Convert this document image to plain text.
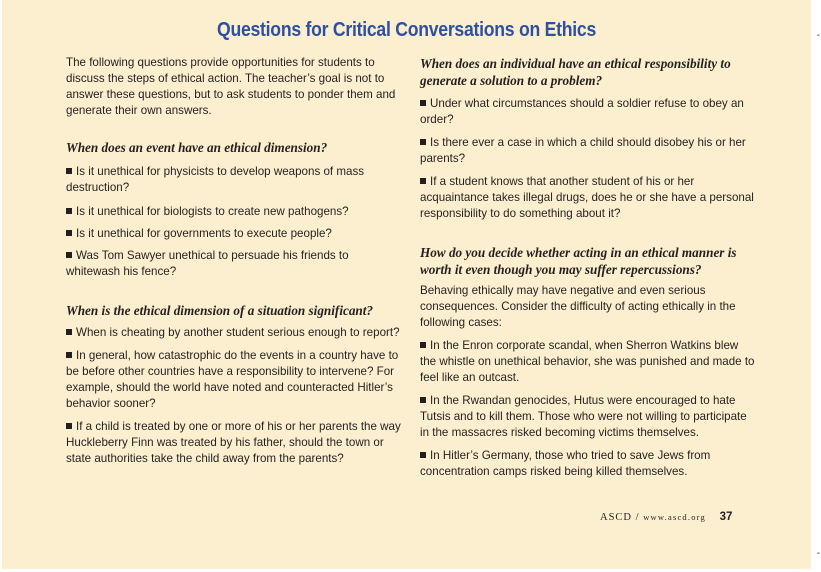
Questions for Critical Conversations on Ethics

The following questions provide opportunities for students to discuss the steps of ethical action. The teacher’s goal is not to answer these questions, but to ask students to ponder them and generate their own answers.

When does an event have an ethical dimension?

Is it unethical for physicists to develop weapons of mass destruction?

Is it unethical for biologists to create new pathogens?

Is it unethical for governments to execute people?

Was Tom Sawyer unethical to persuade his friends to whitewash his fence?

When is the ethical dimension of a situation significant?

When is cheating by another student serious enough to report?

In general, how catastrophic do the events in a country have to be before other countries have a responsibility to intervene? For example, should the world have noted and counteracted Hitler’s behavior sooner?

If a child is treated by one or more of his or her parents the way Huckleberry Finn was treated by his father, should the town or state authorities take the child away from the parents?

When does an individual have an ethical responsibility to generate a solution to a problem?

Under what circumstances should a soldier refuse to obey an order?

Is there ever a case in which a child should disobey his or her parents?

If a student knows that another student of his or her acquaintance takes illegal drugs, does he or she have a personal responsibility to do something about it?

How do you decide whether acting in an ethical manner is worth it even though you may suffer repercussions?

Behaving ethically may have negative and even serious consequences. Consider the difficulty of acting ethically in the following cases:

In the Enron corporate scandal, when Sherron Watkins blew the whistle on unethical behavior, she was punished and made to feel like an outcast.

In the Rwandan genocides, Hutus were encouraged to hate Tutsis and to kill them. Those who were not willing to participate in the massacres risked becoming victims themselves.

In Hitler’s Germany, those who tried to save Jews from concentration camps risked being killed themselves.

ASCD / www.ascd.org 37
-
-
